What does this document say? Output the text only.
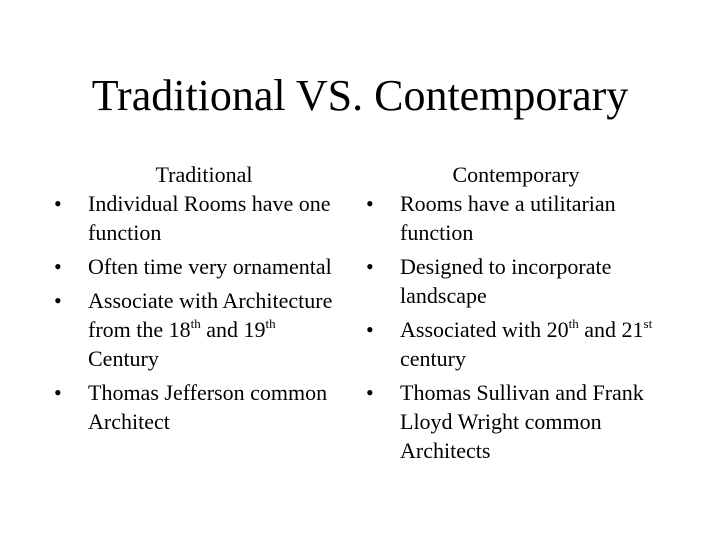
Traditional VS. Contemporary
Traditional
•	Individual Rooms have one function
•	Often time very ornamental
•	Associate with Architecture from the 18th and 19th Century
•	Thomas Jefferson common Architect
Contemporary
•	Rooms have a utilitarian function
•	Designed to incorporate landscape
•	Associated with 20th and 21st century
•	Thomas Sullivan and Frank Lloyd Wright common Architects
